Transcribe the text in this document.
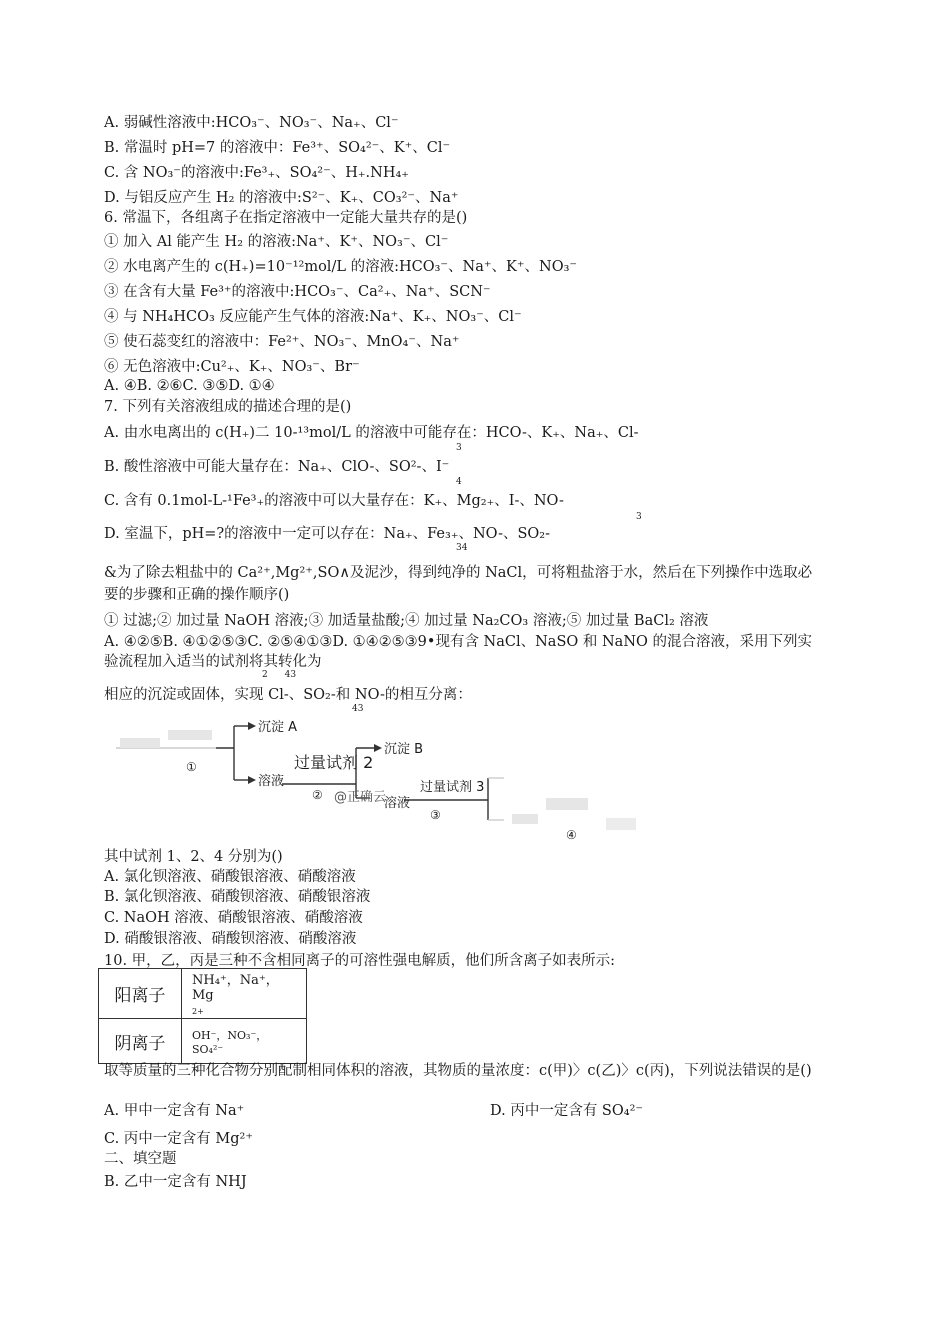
A. 弱碱性溶液中:HCO₃⁻、NO₃⁻、Na₊、Cl⁻
B. 常温时 pH=7 的溶液中：Fe³⁺、SO₄²⁻、K⁺、Cl⁻
C. 含 NO₃⁻的溶液中:Fe³₊、SO₄²⁻、H₊.NH₄₊
D. 与铝反应产生 H₂ 的溶液中:S²⁻、K₊、CO₃²⁻、Na⁺
6. 常温下，各组离子在指定溶液中一定能大量共存的是()
① 加入 Al 能产生 H₂ 的溶液:Na⁺、K⁺、NO₃⁻、Cl⁻
② 水电离产生的 c(H₊)=10⁻¹²mol/L 的溶液:HCO₃⁻、Na⁺、K⁺、NO₃⁻
③ 在含有大量 Fe³⁺的溶液中:HCO₃⁻、Ca²₊、Na⁺、SCN⁻
④ 与 NH₄HCO₃ 反应能产生气体的溶液:Na⁺、K₊、NO₃⁻、Cl⁻
⑤ 使石蕊变红的溶液中：Fe²⁺、NO₃⁻、MnO₄⁻、Na⁺
⑥ 无色溶液中:Cu²₊、K₊、NO₃⁻、Br⁻
A. ④B. ②⑥C. ③⑤D. ①④
7. 下列有关溶液组成的描述合理的是()
A. 由水电离出的 c(H₊)二 10-¹³mol/L 的溶液中可能存在：HCO-、K₊、Na₊、Cl-
3
B. 酸性溶液中可能大量存在：Na₊、ClO-、SO²-、I⁻
4
C. 含有 0.1mol-L-¹Fe³₊的溶液中可以大量存在：K₊、Mg₂₊、I-、NO-
3
D. 室温下，pH=?的溶液中一定可以存在：Na₊、Fe₃₊、NO-、SO₂-
34
&为了除去粗盐中的 Ca²⁺,Mg²⁺,SO∧及泥沙，得到纯净的 NaCl，可将粗盐溶于水，然后在下列操作中选取必要的步骤和正确的操作顺序()
① 过滤;② 加过量 NaOH 溶液;③ 加适量盐酸;④ 加过量 Na₂CO₃ 溶液;⑤ 加过量 BaCl₂ 溶液
A. ④②⑤B. ④①②⑤③C. ②⑤④①③D. ①④②⑤③9•现有含 NaCl、NaSO 和 NaNO 的混合溶液，采用下列实验流程加入适当的试剂将其转化为
2 43
相应的沉淀或固体，实现 Cl-、SO₂-和 NO-的相互分离：
43
①
沉淀 A
溶液
过量试剂 2
沉淀 B
② @正确云
溶液
过量试剂 3
③
④
其中试剂 1、2、4 分别为()
A. 氯化钡溶液、硝酸银溶液、硝酸溶液
B. 氯化钡溶液、硝酸钡溶液、硝酸银溶液
C. NaOH 溶液、硝酸银溶液、硝酸溶液
D. 硝酸银溶液、硝酸钡溶液、硝酸溶液
10. 甲，乙，丙是三种不含相同离子的可溶性强电解质，他们所含离子如表所示:
阳离子	NH₄⁺，Na⁺，Mg
2+
阴离子	OH⁻，NO₃⁻，SO₄²⁻
取等质量的三种化合物分别配制相同体积的溶液，其物质的量浓度：c(甲)〉c(乙)〉c(丙)，下列说法错误的是()
A. 甲中一定含有 Na⁺	D. 丙中一定含有 SO₄²⁻
C. 丙中一定含有 Mg²⁺
二、填空题
B. 乙中一定含有 NHJ
